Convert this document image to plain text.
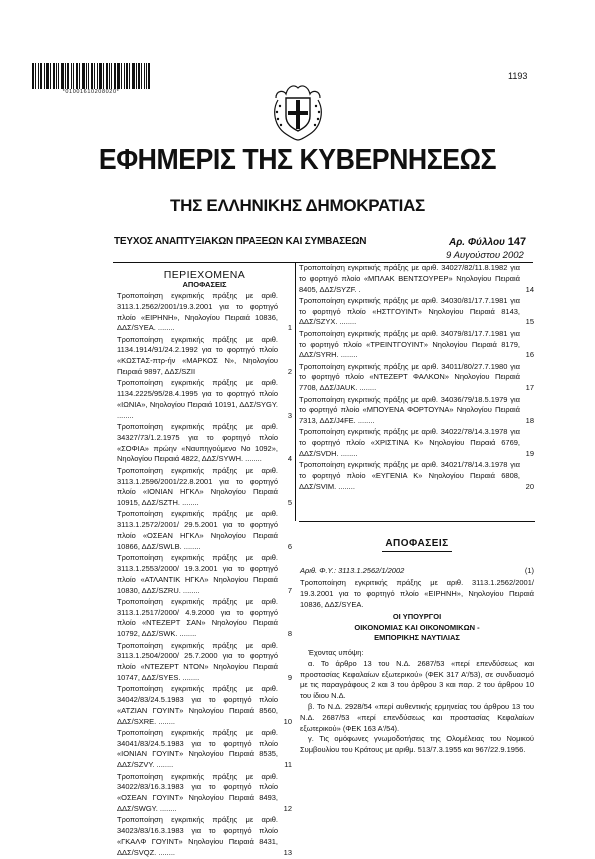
*01001610208020*
1193
ΕΦΗΜΕΡΙΣ ΤΗΣ ΚΥΒΕΡΝΗΣΕΩΣ
ΤΗΣ ΕΛΛΗΝΙΚΗΣ ΔΗΜΟΚΡΑΤΙΑΣ
ΤΕΥΧΟΣ ΑΝΑΠΤΥΞΙΑΚΩΝ ΠΡΑΞΕΩΝ ΚΑΙ ΣΥΜΒΑΣΕΩΝ	Αρ. Φύλλου 147
9 Αυγούστου 2002
ΠΕΡΙΕΧΟΜΕΝΑ
ΑΠΟΦΑΣΕΙΣ
Τροποποίηση εγκριτικής πράξης με αριθ. 3113.1.2562/2001/19.3.2001 για το φορτηγό πλοίο «ΕΙΡΗΝΗ», Νηολογίου Πειραιά 10836, ΔΔΣ/SYEA. ........	1
Τροποποίηση εγκριτικής πράξης με αριθ. 1134.1914/91/24.2.1992 για το φορτηγό πλοίο «ΚΩΣΤΑΣ-πτρ-ήν «ΜΑΡΚΟΣ Ν», Νηολογίου Πειραιά 9897, ΔΔΣ/SZII	2
Τροποποίηση εγκριτικής πράξης με αριθ. 1134.2225/95/28.4.1995 για το φορτηγό πλοίο «ΙΩΝΙΑ», Νηολογίου Πειραιά 10191, ΔΔΣ/SYGY. ........	3
Τροποποίηση εγκριτικής πράξης με αριθ. 34327/73/1.2.1975 για το φορτηγό πλοίο «ΣΟΦΙΑ» πρώην «Ναυπηγούμενο Νο 1092», Νηολογίου Πειραιά 4822, ΔΔΣ/SYWH. ........	4
Τροποποίηση εγκριτικής πράξης με αριθ. 3113.1.2596/2001/22.8.2001 για το φορτηγό πλοίο «ΙΟΝΙΑΝ ΗΓΚΛ» Νηολογίου Πειραιά 10915, ΔΔΣ/SZTH. ........	5
Τροποποίηση εγκριτικής πράξης με αριθ. 3113.1.2572/2001/ 29.5.2001 για το φορτηγό πλοίο «ΟΣΕΑΝ ΗΓΚΛ» Νηολογίου Πειραιά 10866, ΔΔΣ/SWLB. ........	6
Τροποποίηση εγκριτικής πράξης με αριθ. 3113.1.2553/2000/ 19.3.2001 για το φορτηγό πλοίο «ΑΤΛΑΝΤΙΚ ΗΓΚΛ» Νηολογίου Πειραιά 10830, ΔΔΣ/SZRU. ........	7
Τροποποίηση εγκριτικής πράξης με αριθ. 3113.1.2517/2000/ 4.9.2000 για το φορτηγό πλοίο «ΝΤΕΖΕΡΤ ΣΑΝ» Νηολογίου Πειραιά 10792, ΔΔΣ/SWK. ........	8
Τροποποίηση εγκριτικής πράξης με αριθ. 3113.1.2504/2000/ 25.7.2000 για το φορτηγό πλοίο «ΝΤΕΖΕΡΤ ΝΤΟΝ» Νηολογίου Πειραιά 10747, ΔΔΣ/SYES. ........	9
Τροποποίηση εγκριτικής πράξης με αριθ. 34042/83/24.5.1983 για το φορτηγό πλοίο «ΑΤΖΙΑΝ ΓΟΥΙΝΤ» Νηολογίου Πειραιά 8560, ΔΔΣ/SXRE. ........	10
Τροποποίηση εγκριτικής πράξης με αριθ. 34041/83/24.5.1983 για το φορτηγό πλοίο «ΙΟΝΙΑΝ ΓΟΥΙΝΤ» Νηολογίου Πειραιά 8535, ΔΔΣ/SZVY. ........	11
Τροποποίηση εγκριτικής πράξης με αριθ. 34022/83/16.3.1983 για το φορτηγό πλοίο «ΟΣΕΑΝ ΓΟΥΙΝΤ» Νηολογίου Πειραιά 8493, ΔΔΣ/SWGY. ........	12
Τροποποίηση εγκριτικής πράξης με αριθ. 34023/83/16.3.1983 για το φορτηγό πλοίο «ΓΚΑΛΦ ΓΟΥΙΝΤ» Νηολογίου Πειραιά 8431, ΔΔΣ/SVQZ. ........	13
Τροποποίηση εγκριτικής πράξης με αριθ. 34027/82/11.8.1982 για το φορτηγό πλοίο «ΜΠΛΑΚ ΒΕΝΤΣΟΥΡΕΡ» Νηολογίου Πειραιά 8405, ΔΔΣ/SYZF. .	14
Τροποποίηση εγκριτικής πράξης με αριθ. 34030/81/17.7.1981 για το φορτηγό πλοίο «ΗΣΤΓΟΥΙΝΤ» Νηολογίου Πειραιά 8143, ΔΔΣ/SZYX. ........	15
Τροποποίηση εγκριτικής πράξης με αριθ. 34079/81/17.7.1981 για το φορτηγό πλοίο «ΤΡΕΙΝΤΓΟΥΙΝΤ» Νηολογίου Πειραιά 8179, ΔΔΣ/SYRH. ........	16
Τροποποίηση εγκριτικής πράξης με αριθ. 34011/80/27.7.1980 για το φορτηγό πλοίο «ΝΤΕΖΕΡΤ ΦΑΛΚΟΝ» Νηολογίου Πειραιά 7708, ΔΔΣ/JAUK. ........	17
Τροποποίηση εγκριτικής πράξης με αριθ. 34036/79/18.5.1979 για το φορτηγό πλοίο «ΜΠΟΥΕΝΑ ΦΟΡΤΟΥΝΑ» Νηολογίου Πειραιά 7313, ΔΔΣ/J4FE. ........	18
Τροποποίηση εγκριτικής πράξης με αριθ. 34022/78/14.3.1978 για το φορτηγό πλοίο «ΧΡΙΣΤΙΝΑ Κ» Νηολογίου Πειραιά 6769, ΔΔΣ/SVDH. ........	19
Τροποποίηση εγκριτικής πράξης με αριθ. 34021/78/14.3.1978 για το φορτηγό πλοίο «ΕΥΓΕΝΙΑ Κ» Νηολογίου Πειραιά 6808, ΔΔΣ/SVIM. ........	20
ΑΠΟΦΑΣΕΙΣ
Αριθ. Φ.Υ.: 3113.1.2562/1/2002	(1)
Τροποποίηση εγκριτικής πράξης με αριθ. 3113.1.2562/2001/ 19.3.2001 για το φορτηγό πλοίο «ΕΙΡΗΝΗ», Νηολογίου Πειραιά 10836, ΔΔΣ/SYEA.
ΟΙ ΥΠΟΥΡΓΟΙ
ΟΙΚΟΝΟΜΙΑΣ ΚΑΙ ΟΙΚΟΝΟΜΙΚΩΝ -
ΕΜΠΟΡΙΚΗΣ ΝΑΥΤΙΛΙΑΣ

Έχοντας υπόψη:

α. Το άρθρο 13 του Ν.Δ. 2687/53 «περί επενδύσεως και προστασίας Κεφαλαίων εξωτερικού» (ΦΕΚ 317 Α'/53), σε συνδυασμό με τις παραγράφους 2 και 3 του άρθρου 3 και παρ. 2 του άρθρου 10 του ίδιου Ν.Δ.

β. Το Ν.Δ. 2928/54 «περί αυθεντικής ερμηνείας του άρθρου 13 του Ν.Δ. 2687/53 «περί επενδύσεως και προστασίας Κεφαλαίων εξωτερικού» (ΦΕΚ 163 Α'/54).

γ. Τις ομόφωνες γνωμοδοτήσεις της Ολομέλειας του Νομικού Συμβουλίου του Κράτους με αριθμ. 513/7.3.1955 και 967/22.9.1956.
